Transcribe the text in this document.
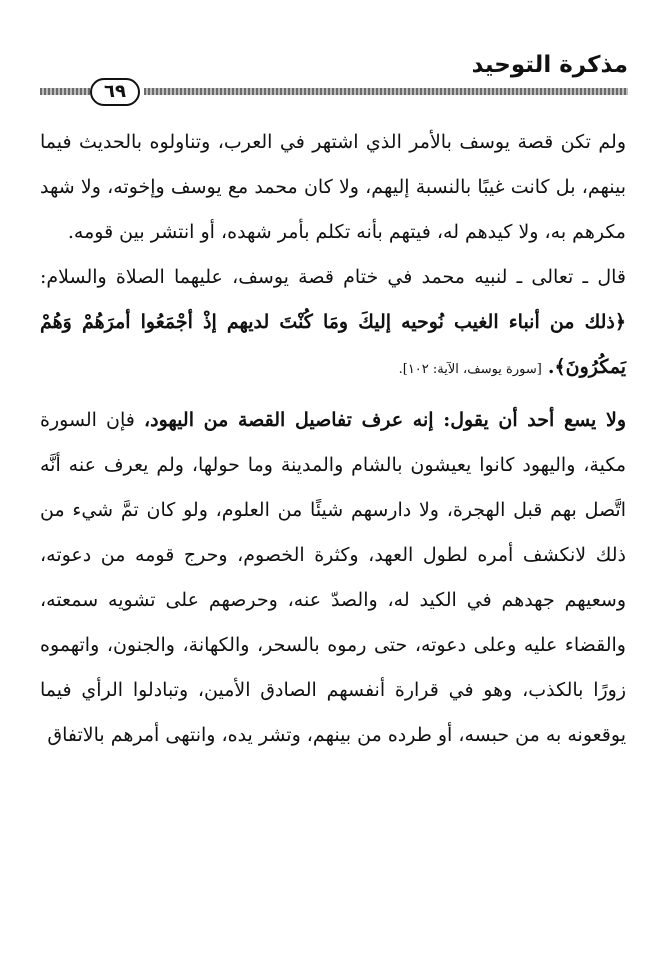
مذكرة التوحيد
٦٩

ولم تكن قصة يوسف بالأمر الذي اشتهر في العرب، وتناولوه بالحديث فيما بينهم، بل كانت غيبًا بالنسبة إليهم، ولا كان محمد مع يوسف وإخوته، ولا شهد مكرهم به، ولا كيدهم له، فيتهم بأنه تكلم بأمر شهده، أو انتشر بين قومه.

قال ـ تعالى ـ لنبيه محمد في ختام قصة يوسف، عليهما الصلاة والسلام: ﴿ذلك من أنباء الغيب نُوحيه إليكَ ومَا كُنْتَ لديهم إذْ أجْمَعُوا أمرَهُمْ وَهُمْ يَمكُرُونَ﴾. [سورة يوسف، الآية: ١٠٢].

ولا يسع أحد أن يقول: إنه عرف تفاصيل القصة من اليهود، فإن السورة مكية، واليهود كانوا يعيشون بالشام والمدينة وما حولها، ولم يعرف عنه أنَّه اتَّصل بهم قبل الهجرة، ولا دارسهم شيئًا من العلوم، ولو كان تمَّ شيء من ذلك لانكشف أمره لطول العهد، وكثرة الخصوم، وحرج قومه من دعوته، وسعيهم جهدهم في الكيد له، والصدّ عنه، وحرصهم على تشويه سمعته، والقضاء عليه وعلى دعوته، حتى رموه بالسحر، والكهانة، والجنون، واتهموه زورًا بالكذب، وهو في قرارة أنفسهم الصادق الأمين، وتبادلوا الرأي فيما يوقعونه به من حبسه، أو طرده من بينهم، وتشر يده، وانتهى أمرهم بالاتفاق
